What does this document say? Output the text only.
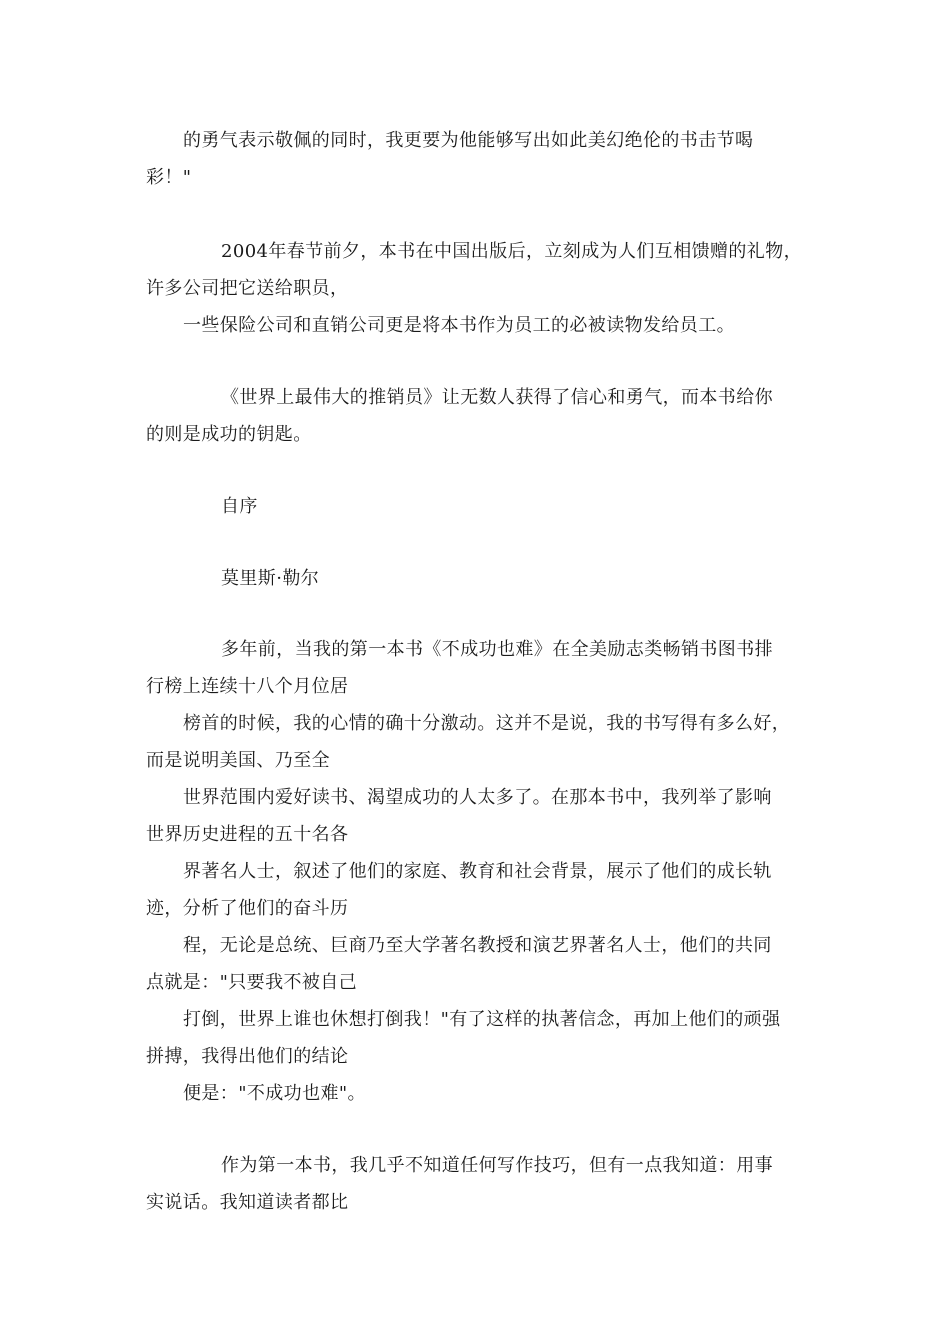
的勇气表示敬佩的同时，我更要为他能够写出如此美幻绝伦的书击节喝
彩！"
2004年春节前夕，本书在中国出版后，立刻成为人们互相馈赠的礼物，
许多公司把它送给职员，
一些保险公司和直销公司更是将本书作为员工的必被读物发给员工。
《世界上最伟大的推销员》让无数人获得了信心和勇气，而本书给你
的则是成功的钥匙。
自序
莫里斯·勒尔
多年前，当我的第一本书《不成功也难》在全美励志类畅销书图书排
行榜上连续十八个月位居
榜首的时候，我的心情的确十分激动。这并不是说，我的书写得有多么好，
而是说明美国、乃至全
世界范围内爱好读书、渴望成功的人太多了。在那本书中，我列举了影响
世界历史进程的五十名各
界著名人士，叙述了他们的家庭、教育和社会背景，展示了他们的成长轨
迹，分析了他们的奋斗历
程，无论是总统、巨商乃至大学著名教授和演艺界著名人士，他们的共同
点就是："只要我不被自己
打倒，世界上谁也休想打倒我！"有了这样的执著信念，再加上他们的顽强
拼搏，我得出他们的结论
便是："不成功也难"。
作为第一本书，我几乎不知道任何写作技巧，但有一点我知道：用事
实说话。我知道读者都比
